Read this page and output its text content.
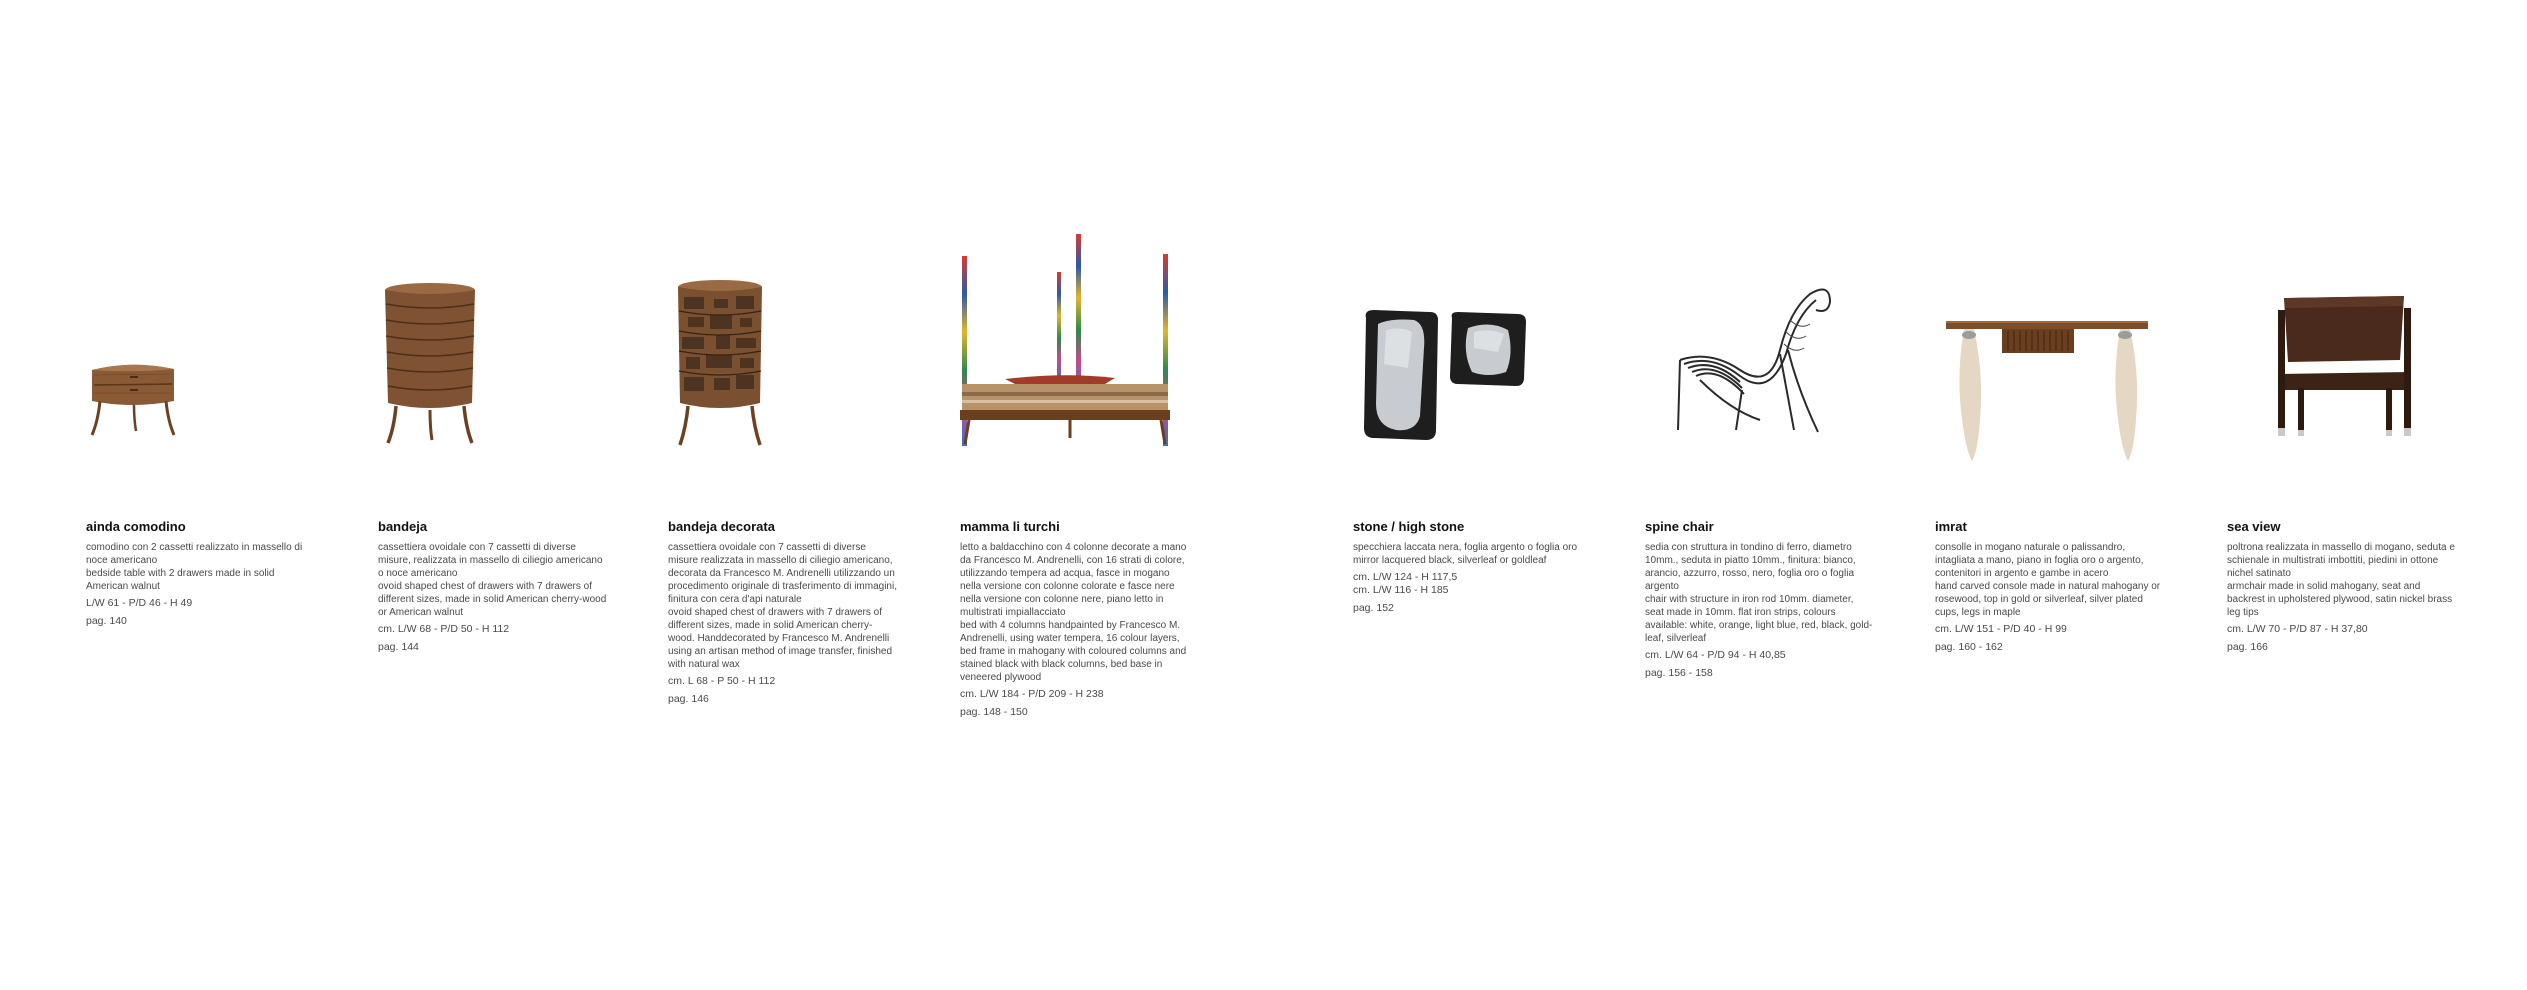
ainda comodino

comodino con 2 cassetti realizzato in massello di noce americano

bedside table with 2 drawers made in solid American walnut

L/W 61 - P/D 46 - H 49
pag. 140
bandeja

cassettiera ovoidale con 7 cassetti di diverse misure, realizzata in massello di ciliegio americano o noce americano

ovoid shaped chest of drawers with 7 drawers of different sizes, made in solid American cherry-wood or American walnut

cm. L/W 68 - P/D 50 - H 112
pag. 144
bandeja decorata

cassettiera ovoidale con 7 cassetti di diverse misure realizzata in massello di ciliegio americano, decorata da Francesco M. Andrenelli utilizzando un procedimento originale di trasferimento di immagini, finitura con cera d'api naturale

ovoid shaped chest of drawers with 7 drawers of different sizes, made in solid American cherry-wood. Handdecorated by Francesco M. Andrenelli using an artisan method of image transfer, finished with natural wax

cm. L 68 - P 50 - H 112
pag. 146
mamma li turchi

letto a baldacchino con 4 colonne decorate a mano da Francesco M. Andrenelli, con 16 strati di colore, utilizzando tempera ad acqua, fasce in mogano nella versione con colonne colorate e fasce nere nella versione con colonne nere, piano letto in multistrati impiallacciato

bed with 4 columns handpainted by Francesco M. Andrenelli, using water tempera, 16 colour layers, bed frame in mahogany with coloured columns and stained black with black columns, bed base in veneered plywood

cm. L/W 184 - P/D 209 - H 238
pag. 148 - 150
stone / high stone

specchiera laccata nera, foglia argento o foglia oro

mirror lacquered black, silverleaf or goldleaf

cm. L/W 124 - H 117,5
cm. L/W 116 - H 185
pag. 152
spine chair

sedia con struttura in tondino di ferro, diametro 10mm., seduta in piatto 10mm., finitura: bianco, arancio, azzurro, rosso, nero, foglia oro o foglia argento

chair with structure in iron rod 10mm. diameter, seat made in 10mm. flat iron strips, colours available: white, orange, light blue, red, black, gold-leaf, silverleaf

cm. L/W 64 - P/D 94 - H 40,85
pag. 156 - 158
imrat

consolle in mogano naturale o palissandro, intagliata a mano, piano in foglia oro o argento, contenitori in argento e gambe in acero

hand carved console made in natural mahogany or rosewood, top in gold or silverleaf, silver plated cups, legs in maple

cm. L/W 151 - P/D 40 - H 99
pag. 160 - 162
sea view

poltrona realizzata in massello di mogano, seduta e schienale in multistrati imbottiti, piedini in ottone nichel satinato

armchair made in solid mahogany, seat and backrest in upholstered plywood, satin nickel brass leg tips

cm. L/W 70 - P/D 87 - H 37,80
pag. 166
